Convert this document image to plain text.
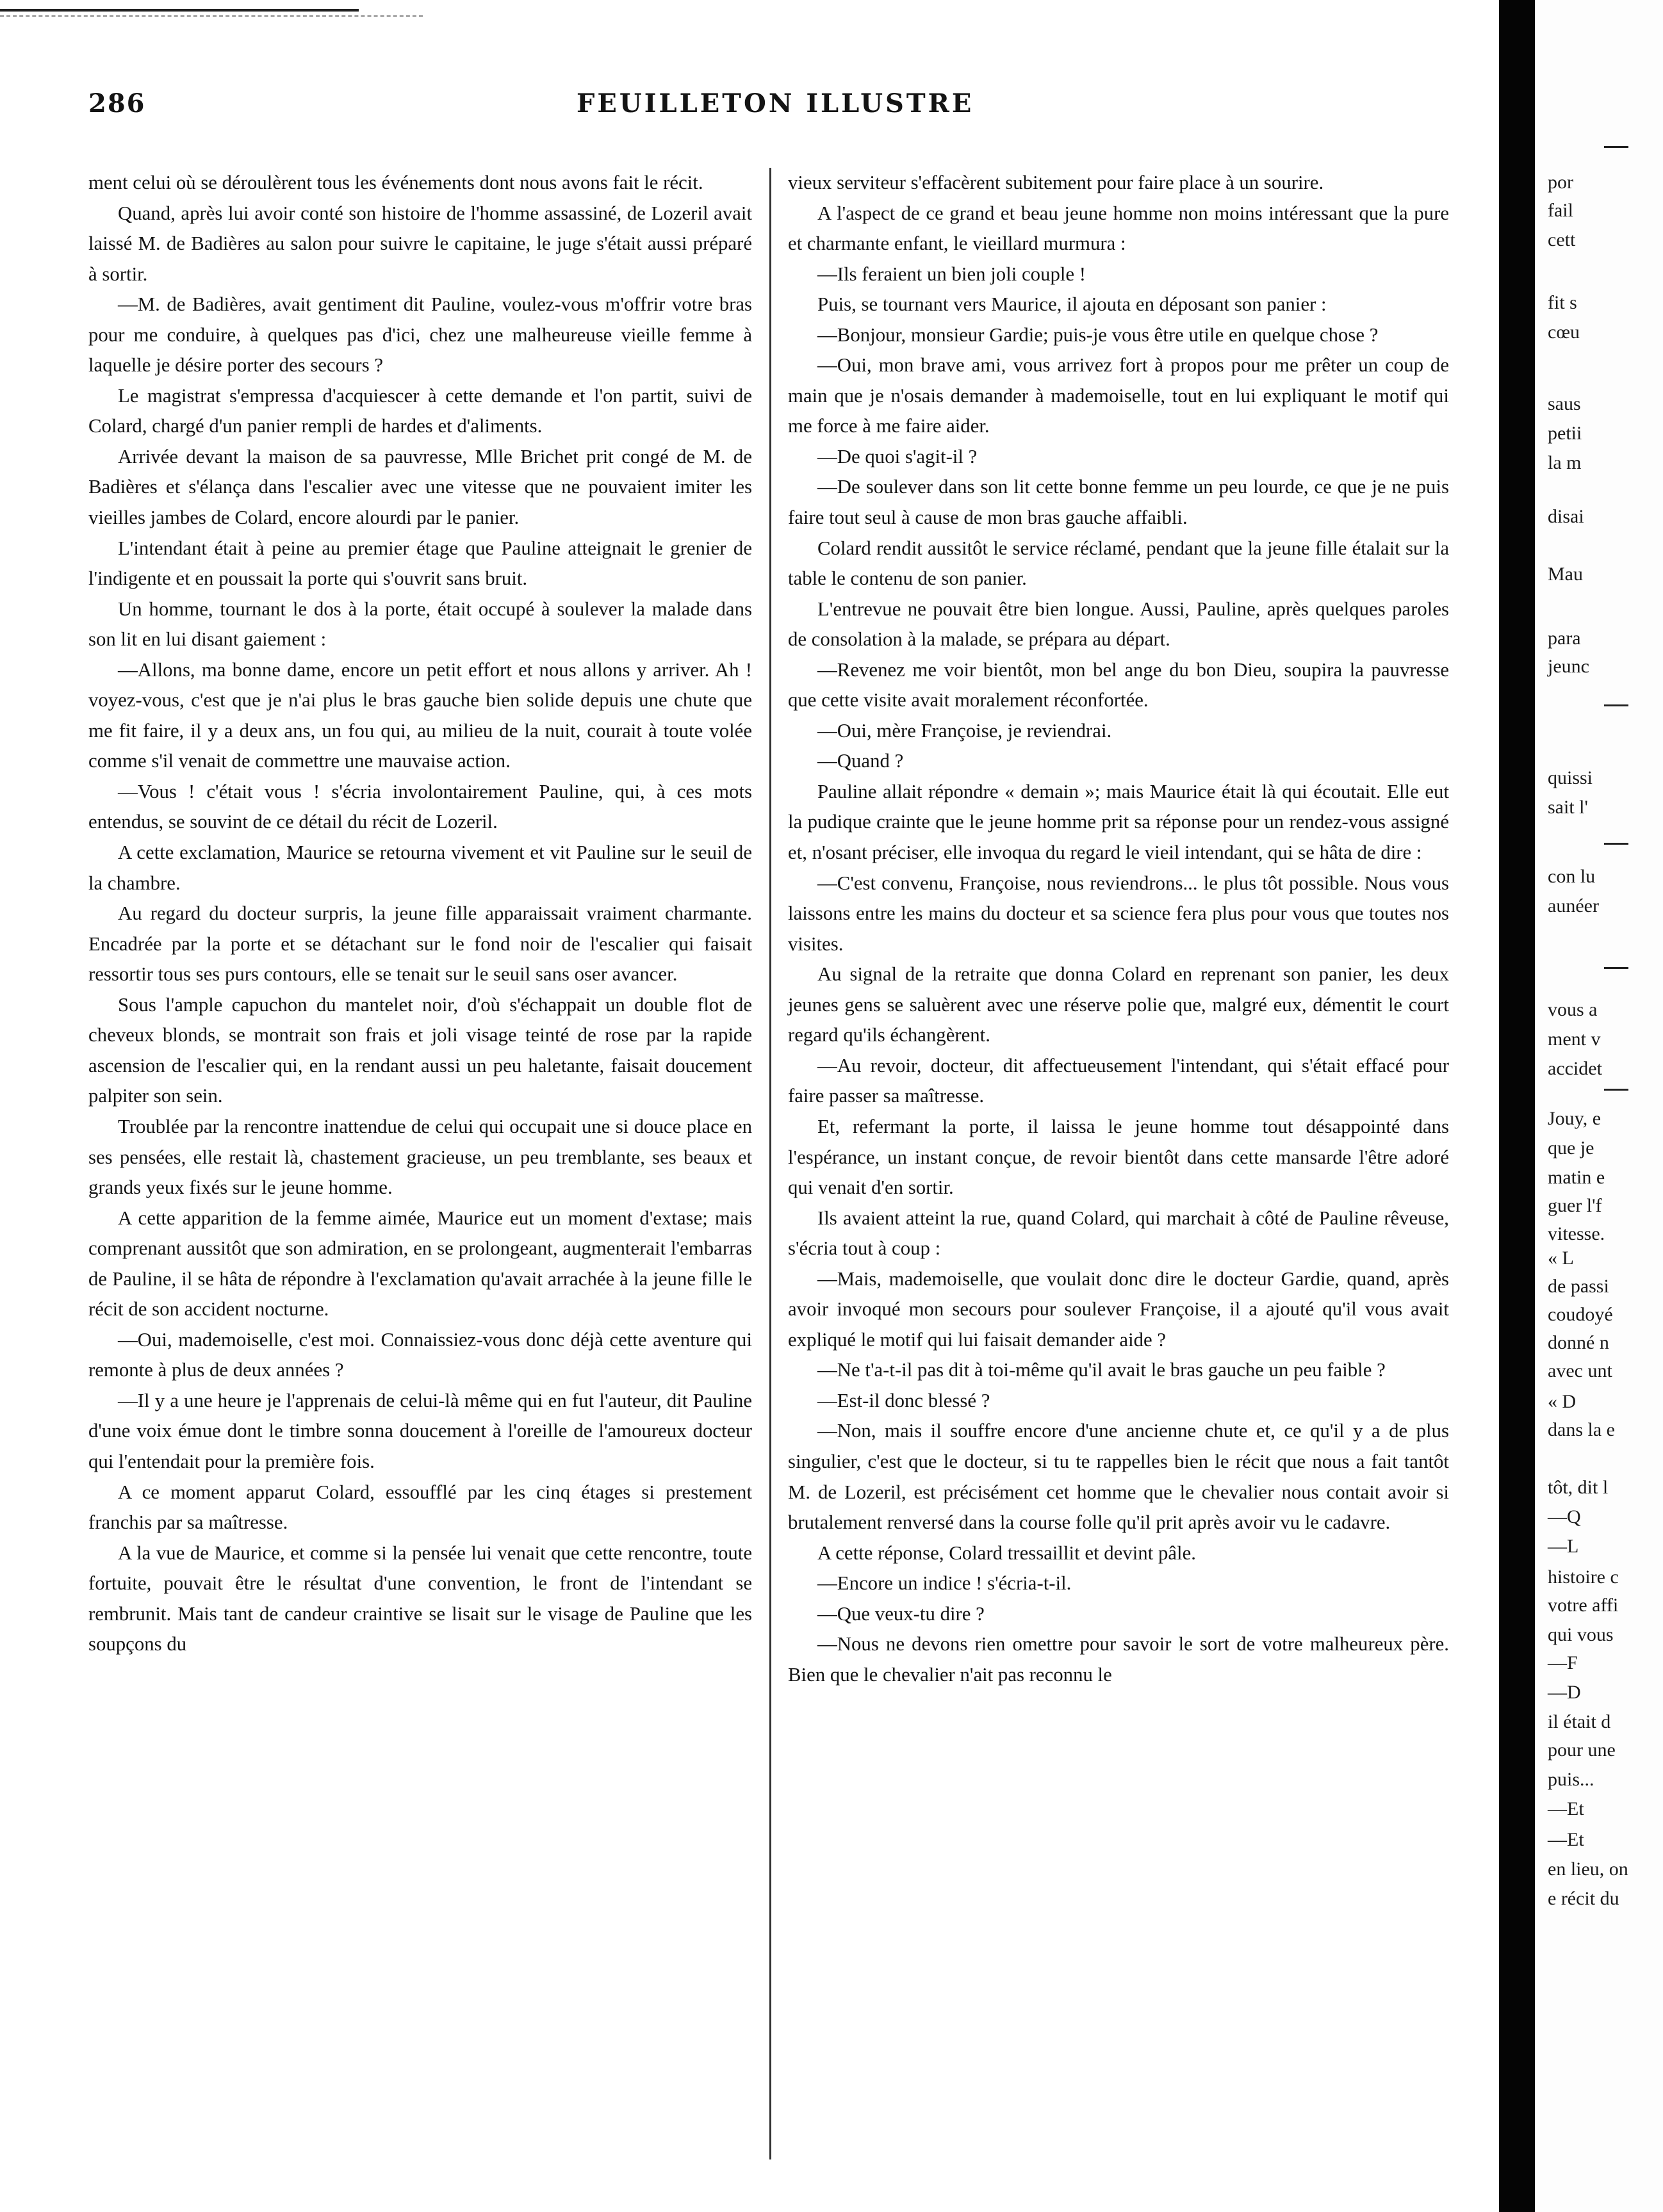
286	FEUILLETON ILLUSTRE

ment celui où se déroulèrent tous les événements dont nous avons fait le récit.

Quand, après lui avoir conté son histoire de l'homme assassiné, de Lozeril avait laissé M. de Badières au salon pour suivre le capitaine, le juge s'était aussi préparé à sortir.

—M. de Badières, avait gentiment dit Pauline, voulez-vous m'offrir votre bras pour me conduire, à quelques pas d'ici, chez une malheureuse vieille femme à laquelle je désire porter des secours ?

Le magistrat s'empressa d'acquiescer à cette demande et l'on partit, suivi de Colard, chargé d'un panier rempli de hardes et d'aliments.

Arrivée devant la maison de sa pauvresse, Mlle Brichet prit congé de M. de Badières et s'élança dans l'escalier avec une vitesse que ne pouvaient imiter les vieilles jambes de Colard, encore alourdi par le panier.

L'intendant était à peine au premier étage que Pauline atteignait le grenier de l'indigente et en poussait la porte qui s'ouvrit sans bruit.

Un homme, tournant le dos à la porte, était occupé à soulever la malade dans son lit en lui disant gaiement :

—Allons, ma bonne dame, encore un petit effort et nous allons y arriver. Ah ! voyez-vous, c'est que je n'ai plus le bras gauche bien solide depuis une chute que me fit faire, il y a deux ans, un fou qui, au milieu de la nuit, courait à toute volée comme s'il venait de commettre une mauvaise action.

—Vous ! c'était vous ! s'écria involontairement Pauline, qui, à ces mots entendus, se souvint de ce détail du récit de Lozeril.

A cette exclamation, Maurice se retourna vivement et vit Pauline sur le seuil de la chambre.

Au regard du docteur surpris, la jeune fille apparaissait vraiment charmante. Encadrée par la porte et se détachant sur le fond noir de l'escalier qui faisait ressortir tous ses purs contours, elle se tenait sur le seuil sans oser avancer.

Sous l'ample capuchon du mantelet noir, d'où s'échappait un double flot de cheveux blonds, se montrait son frais et joli visage teinté de rose par la rapide ascension de l'escalier qui, en la rendant aussi un peu haletante, faisait doucement palpiter son sein.

Troublée par la rencontre inattendue de celui qui occupait une si douce place en ses pensées, elle restait là, chastement gracieuse, un peu tremblante, ses beaux et grands yeux fixés sur le jeune homme.

A cette apparition de la femme aimée, Maurice eut un moment d'extase; mais comprenant aussitôt que son admiration, en se prolongeant, augmenterait l'embarras de Pauline, il se hâta de répondre à l'exclamation qu'avait arrachée à la jeune fille le récit de son accident nocturne.

—Oui, mademoiselle, c'est moi. Connaissiez-vous donc déjà cette aventure qui remonte à plus de deux années ?

—Il y a une heure je l'apprenais de celui-là même qui en fut l'auteur, dit Pauline d'une voix émue dont le timbre sonna doucement à l'oreille de l'amoureux docteur qui l'entendait pour la première fois.

A ce moment apparut Colard, essoufflé par les cinq étages si prestement franchis par sa maîtresse.

A la vue de Maurice, et comme si la pensée lui venait que cette rencontre, toute fortuite, pouvait être le résultat d'une convention, le front de l'intendant se rembrunit. Mais tant de candeur craintive se lisait sur le visage de Pauline que les soupçons du

vieux serviteur s'effacèrent subitement pour faire place à un sourire.

A l'aspect de ce grand et beau jeune homme non moins intéressant que la pure et charmante enfant, le vieillard murmura :

—Ils feraient un bien joli couple !

Puis, se tournant vers Maurice, il ajouta en déposant son panier :

—Bonjour, monsieur Gardie; puis-je vous être utile en quelque chose ?

—Oui, mon brave ami, vous arrivez fort à propos pour me prêter un coup de main que je n'osais demander à mademoiselle, tout en lui expliquant le motif qui me force à me faire aider.

—De quoi s'agit-il ?

—De soulever dans son lit cette bonne femme un peu lourde, ce que je ne puis faire tout seul à cause de mon bras gauche affaibli.

Colard rendit aussitôt le service réclamé, pendant que la jeune fille étalait sur la table le contenu de son panier.

L'entrevue ne pouvait être bien longue. Aussi, Pauline, après quelques paroles de consolation à la malade, se prépara au départ.

—Revenez me voir bientôt, mon bel ange du bon Dieu, soupira la pauvresse que cette visite avait moralement réconfortée.

—Oui, mère Françoise, je reviendrai.

—Quand ?

Pauline allait répondre « demain »; mais Maurice était là qui écoutait. Elle eut la pudique crainte que le jeune homme prit sa réponse pour un rendez-vous assigné et, n'osant préciser, elle invoqua du regard le vieil intendant, qui se hâta de dire :

—C'est convenu, Françoise, nous reviendrons... le plus tôt possible. Nous vous laissons entre les mains du docteur et sa science fera plus pour vous que toutes nos visites.

Au signal de la retraite que donna Colard en reprenant son panier, les deux jeunes gens se saluèrent avec une réserve polie que, malgré eux, démentit le court regard qu'ils échangèrent.

—Au revoir, docteur, dit affectueusement l'intendant, qui s'était effacé pour faire passer sa maîtresse.

Et, refermant la porte, il laissa le jeune homme tout désappointé dans l'espérance, un instant conçue, de revoir bientôt dans cette mansarde l'être adoré qui venait d'en sortir.

Ils avaient atteint la rue, quand Colard, qui marchait à côté de Pauline rêveuse, s'écria tout à coup :

—Mais, mademoiselle, que voulait donc dire le docteur Gardie, quand, après avoir invoqué mon secours pour soulever Françoise, il a ajouté qu'il vous avait expliqué le motif qui lui faisait demander aide ?

—Ne t'a-t-il pas dit à toi-même qu'il avait le bras gauche un peu faible ?

—Est-il donc blessé ?

—Non, mais il souffre encore d'une ancienne chute et, ce qu'il y a de plus singulier, c'est que le docteur, si tu te rappelles bien le récit que nous a fait tantôt M. de Lozeril, est précisément cet homme que le chevalier nous contait avoir si brutalement renversé dans la course folle qu'il prit après avoir vu le cadavre.

A cette réponse, Colard tressaillit et devint pâle.

—Encore un indice ! s'écria-t-il.

—Que veux-tu dire ?

—Nous ne devons rien omettre pour savoir le sort de votre malheureux père. Bien que le chevalier n'ait pas reconnu le

por
fail
cett
fit s
cœu
saus
petii
la m
disai
Mau
para
jeunc
quissi
sait l'
con lu
aunéer
vous a
ment v
accidet
Jouy, e
que je
matin e
guer l'f
vitesse.
« L
de passi
coudoyé
donné n
avec unt
« D
dans la e
tôt, dit l
—Q
—L
histoire c
votre affi
qui vous
—F
—D
il était d
pour une
puis...
—Et
—Et
en lieu, on
e récit du
